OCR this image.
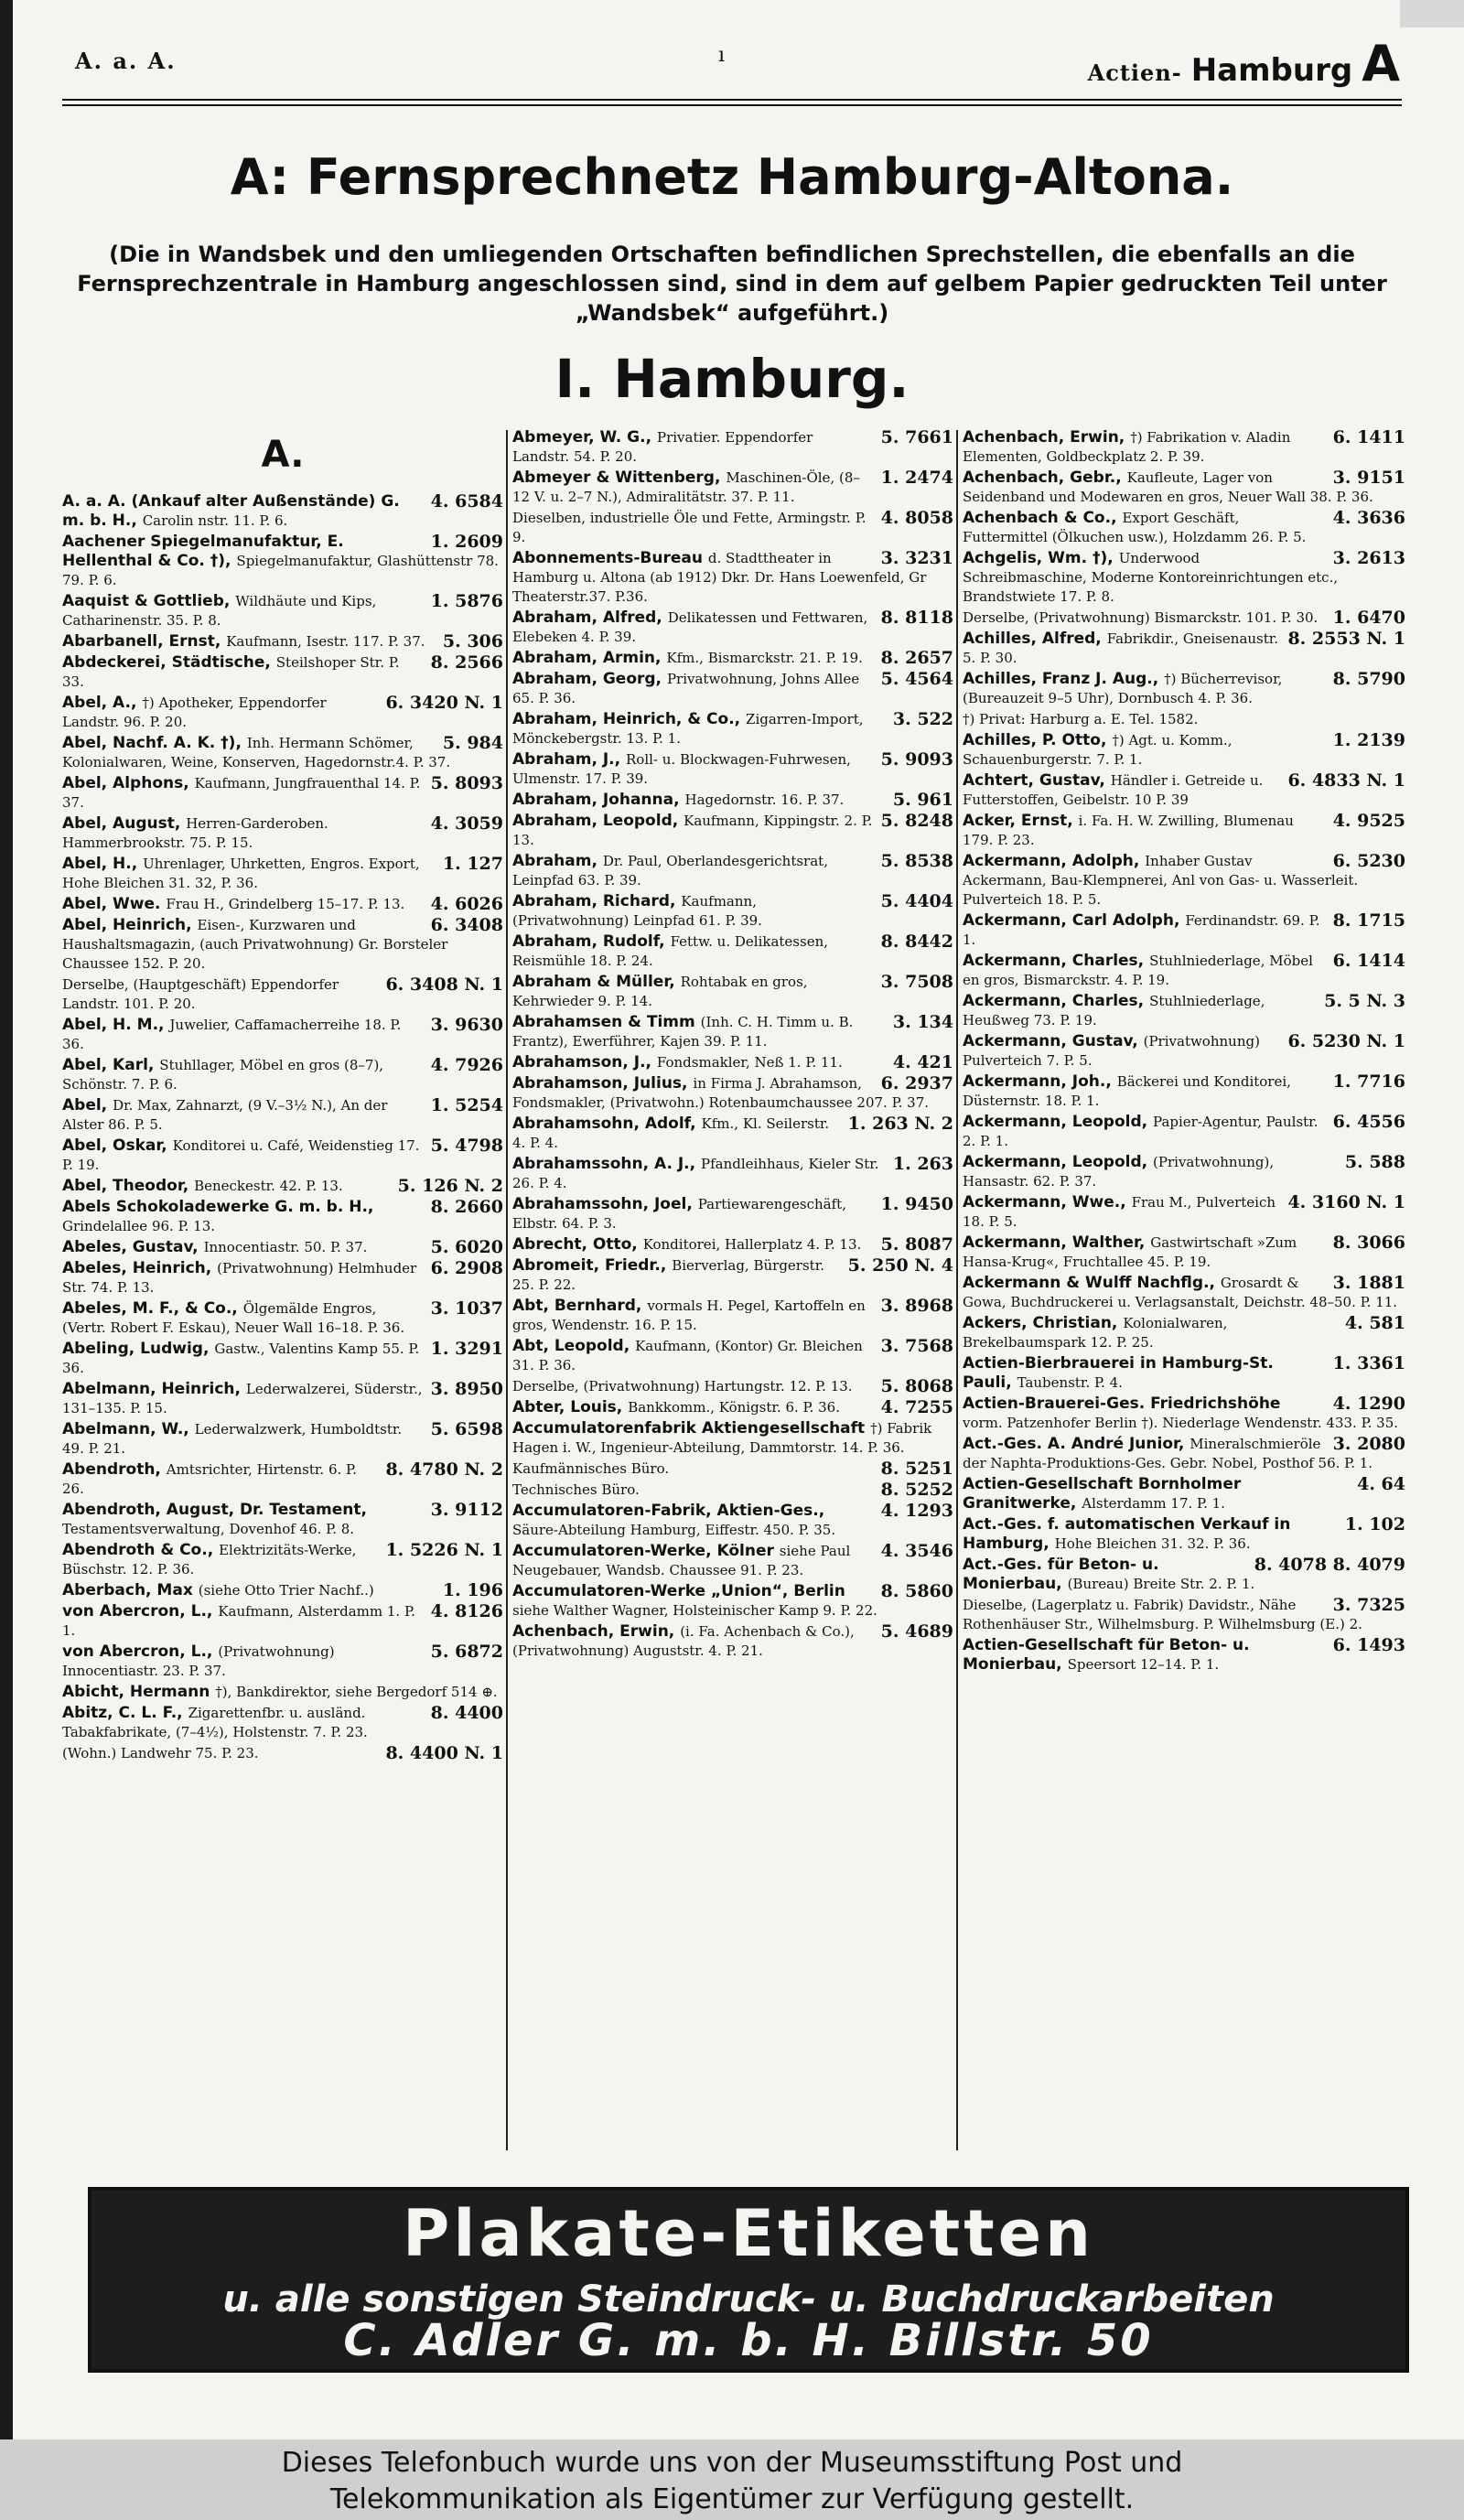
A. a. A.	ı
Actien- Hamburg A
A: Fernsprechnetz Hamburg-Altona.

(Die in Wandsbek und den umliegenden Ortschaften befindlichen Sprechstellen, die ebenfalls an die Fernsprechzentrale in Hamburg angeschlossen sind, sind in dem auf gelbem Papier gedruckten Teil unter „Wandsbek“ aufgeführt.)

I. Hamburg.
A.

4. 6584
A. a. A. (Ankauf alter Außenstände) G. m. b. H., Carolin nstr. 11. P. 6.

1. 2609
Aachener Spiegelmanufaktur, E. Hellenthal & Co. †), Spiegelmanufaktur, Glashüttenstr 78. 79. P. 6.

1. 5876
Aaquist & Gottlieb, Wildhäute und Kips, Catharinenstr. 35. P. 8.

5. 306
Abarbanell, Ernst, Kaufmann, Isestr. 117. P. 37.

8. 2566
Abdeckerei, Städtische, Steilshoper Str. P. 33.

6. 3420 N. 1
Abel, A., †) Apotheker, Eppendorfer Landstr. 96. P. 20.

5. 984
Abel, Nachf. A. K. †), Inh. Hermann Schömer, Kolonialwaren, Weine, Konserven, Hagedornstr.4. P. 37.

5. 8093
Abel, Alphons, Kaufmann, Jungfrauenthal 14. P. 37.

4. 3059
Abel, August, Herren-Garderoben. Hammerbrookstr. 75. P. 15.

1. 127
Abel, H., Uhrenlager, Uhrketten, Engros. Export, Hohe Bleichen 31. 32, P. 36.

4. 6026
Abel, Wwe. Frau H., Grindelberg 15–17. P. 13.

6. 3408
Abel, Heinrich, Eisen-, Kurzwaren und Haushaltsmagazin, (auch Privatwohnung) Gr. Borsteler Chaussee 152. P. 20.

6. 3408 N. 1
Derselbe, (Hauptgeschäft) Eppendorfer Landstr. 101. P. 20.

3. 9630
Abel, H. M., Juwelier, Caffamacherreihe 18. P. 36.

4. 7926
Abel, Karl, Stuhllager, Möbel en gros (8–7), Schönstr. 7. P. 6.

1. 5254
Abel, Dr. Max, Zahnarzt, (9 V.–3½ N.), An der Alster 86. P. 5.

5. 4798
Abel, Oskar, Konditorei u. Café, Weidenstieg 17. P. 19.

5. 126 N. 2
Abel, Theodor, Beneckestr. 42. P. 13.

8. 2660
Abels Schokoladewerke G. m. b. H., Grindelallee 96. P. 13.

5. 6020
Abeles, Gustav, Innocentiastr. 50. P. 37.

6. 2908
Abeles, Heinrich, (Privatwohnung) Helmhuder Str. 74. P. 13.

3. 1037
Abeles, M. F., & Co., Ölgemälde Engros, (Vertr. Robert F. Eskau), Neuer Wall 16–18. P. 36.

1. 3291
Abeling, Ludwig, Gastw., Valentins Kamp 55. P. 36.

3. 8950
Abelmann, Heinrich, Lederwalzerei, Süderstr., 131–135. P. 15.

5. 6598
Abelmann, W., Lederwalzwerk, Humboldtstr. 49. P. 21.

8. 4780 N. 2
Abendroth, Amtsrichter, Hirtenstr. 6. P. 26.

3. 9112
Abendroth, August, Dr. Testament, Testamentsverwaltung, Dovenhof 46. P. 8.

1. 5226 N. 1
Abendroth & Co., Elektrizitäts-Werke, Büschstr. 12. P. 36.

1. 196
Aberbach, Max (siehe Otto Trier Nachf..)

4. 8126
von Abercron, L., Kaufmann, Alsterdamm 1. P. 1.

5. 6872
von Abercron, L., (Privatwohnung) Innocentiastr. 23. P. 37.

Abicht, Hermann †), Bankdirektor, siehe Bergedorf 514 ⊕.

8. 4400
Abitz, C. L. F., Zigarettenfbr. u. ausländ. Tabakfabrikate, (7–4½), Holstenstr. 7. P. 23.

8. 4400 N. 1
(Wohn.) Landwehr 75. P. 23.

5. 7661
Abmeyer, W. G., Privatier. Eppendorfer Landstr. 54. P. 20.

1. 2474
Abmeyer & Wittenberg, Maschinen-Öle, (8–12 V. u. 2–7 N.), Admiralitätstr. 37. P. 11.

4. 8058
Dieselben, industrielle Öle und Fette, Armingstr. P. 9.

3. 3231
Abonnements-Bureau d. Stadttheater in Hamburg u. Altona (ab 1912) Dkr. Dr. Hans Loewenfeld, Gr Theaterstr.37. P.36.

8. 8118
Abraham, Alfred, Delikatessen und Fettwaren, Elebeken 4. P. 39.

8. 2657
Abraham, Armin, Kfm., Bismarckstr. 21. P. 19.

5. 4564
Abraham, Georg, Privatwohnung, Johns Allee 65. P. 36.

3. 522
Abraham, Heinrich, & Co., Zigarren-Import, Mönckebergstr. 13. P. 1.

5. 9093
Abraham, J., Roll- u. Blockwagen-Fuhrwesen, Ulmenstr. 17. P. 39.

5. 961
Abraham, Johanna, Hagedornstr. 16. P. 37.

5. 8248
Abraham, Leopold, Kaufmann, Kippingstr. 2. P. 13.

5. 8538
Abraham, Dr. Paul, Oberlandesgerichtsrat, Leinpfad 63. P. 39.

5. 4404
Abraham, Richard, Kaufmann, (Privatwohnung) Leinpfad 61. P. 39.

8. 8442
Abraham, Rudolf, Fettw. u. Delikatessen, Reismühle 18. P. 24.

3. 7508
Abraham & Müller, Rohtabak en gros, Kehrwieder 9. P. 14.

3. 134
Abrahamsen & Timm (Inh. C. H. Timm u. B. Frantz), Ewerführer, Kajen 39. P. 11.

4. 421
Abrahamson, J., Fondsmakler, Neß 1. P. 11.

6. 2937
Abrahamson, Julius, in Firma J. Abrahamson, Fondsmakler, (Privatwohn.) Rotenbaumchaussee 207. P. 37.

1. 263 N. 2
Abrahamsohn, Adolf, Kfm., Kl. Seilerstr. 4. P. 4.

1. 263
Abrahamssohn, A. J., Pfandleihhaus, Kieler Str. 26. P. 4.

1. 9450
Abrahamssohn, Joel, Partiewarengeschäft, Elbstr. 64. P. 3.

5. 8087
Abrecht, Otto, Konditorei, Hallerplatz 4. P. 13.

5. 250 N. 4
Abromeit, Friedr., Bierverlag, Bürgerstr. 25. P. 22.

3. 8968
Abt, Bernhard, vormals H. Pegel, Kartoffeln en gros, Wendenstr. 16. P. 15.

3. 7568
Abt, Leopold, Kaufmann, (Kontor) Gr. Bleichen 31. P. 36.

5. 8068
Derselbe, (Privatwohnung) Hartungstr. 12. P. 13.

4. 7255
Abter, Louis, Bankkomm., Königstr. 6. P. 36.

Accumulatorenfabrik Aktiengesellschaft †) Fabrik Hagen i. W., Ingenieur-Abteilung, Dammtorstr. 14. P. 36.

8. 5251
Kaufmännisches Büro.

8. 5252
Technisches Büro.

4. 1293
Accumulatoren-Fabrik, Aktien-Ges., Säure-Abteilung Hamburg, Eiffestr. 450. P. 35.

4. 3546
Accumulatoren-Werke, Kölner siehe Paul Neugebauer, Wandsb. Chaussee 91. P. 23.

8. 5860
Accumulatoren-Werke „Union“, Berlin siehe Walther Wagner, Holsteinischer Kamp 9. P. 22.

5. 4689
Achenbach, Erwin, (i. Fa. Achenbach & Co.), (Privatwohnung) Auguststr. 4. P. 21.

6. 1411
Achenbach, Erwin, †) Fabrikation v. Aladin Elementen, Goldbeckplatz 2. P. 39.

3. 9151
Achenbach, Gebr., Kaufleute, Lager von Seidenband und Modewaren en gros, Neuer Wall 38. P. 36.

4. 3636
Achenbach & Co., Export Geschäft, Futtermittel (Ölkuchen usw.), Holzdamm 26. P. 5.

3. 2613
Achgelis, Wm. †), Underwood Schreibmaschine, Moderne Kontoreinrichtungen etc., Brandstwiete 17. P. 8.

1. 6470
Derselbe, (Privatwohnung) Bismarckstr. 101. P. 30.

8. 2553 N. 1
Achilles, Alfred, Fabrikdir., Gneisenaustr. 5. P. 30.

8. 5790
Achilles, Franz J. Aug., †) Bücherrevisor, (Bureauzeit 9–5 Uhr), Dornbusch 4. P. 36.

†) Privat: Harburg a. E. Tel. 1582.

1. 2139
Achilles, P. Otto, †) Agt. u. Komm., Schauenburgerstr. 7. P. 1.

6. 4833 N. 1
Achtert, Gustav, Händler i. Getreide u. Futterstoffen, Geibelstr. 10 P. 39

4. 9525
Acker, Ernst, i. Fa. H. W. Zwilling, Blumenau 179. P. 23.

6. 5230
Ackermann, Adolph, Inhaber Gustav Ackermann, Bau-Klempnerei, Anl von Gas- u. Wasserleit. Pulverteich 18. P. 5.

8. 1715
Ackermann, Carl Adolph, Ferdinandstr. 69. P. 1.

6. 1414
Ackermann, Charles, Stuhlniederlage, Möbel en gros, Bismarckstr. 4. P. 19.

5. 5 N. 3
Ackermann, Charles, Stuhlniederlage, Heußweg 73. P. 19.

6. 5230 N. 1
Ackermann, Gustav, (Privatwohnung) Pulverteich 7. P. 5.

1. 7716
Ackermann, Joh., Bäckerei und Konditorei, Düsternstr. 18. P. 1.

6. 4556
Ackermann, Leopold, Papier-Agentur, Paulstr. 2. P. 1.

5. 588
Ackermann, Leopold, (Privatwohnung), Hansastr. 62. P. 37.

4. 3160 N. 1
Ackermann, Wwe., Frau M., Pulverteich 18. P. 5.

8. 3066
Ackermann, Walther, Gastwirtschaft »Zum Hansa-Krug«, Fruchtallee 45. P. 19.

3. 1881
Ackermann & Wulff Nachflg., Grosardt & Gowa, Buchdruckerei u. Verlagsanstalt, Deichstr. 48–50. P. 11.

4. 581
Ackers, Christian, Kolonialwaren, Brekelbaumspark 12. P. 25.

1. 3361
Actien-Bierbrauerei in Hamburg-St. Pauli, Taubenstr. P. 4.

4. 1290
Actien-Brauerei-Ges. Friedrichshöhe vorm. Patzenhofer Berlin †). Niederlage Wendenstr. 433. P. 35.

3. 2080
Act.-Ges. A. André Junior, Mineralschmieröle der Naphta-Produktions-Ges. Gebr. Nobel, Posthof 56. P. 1.

4. 64
Actien-Gesellschaft Bornholmer Granitwerke, Alsterdamm 17. P. 1.

1. 102
Act.-Ges. f. automatischen Verkauf in Hamburg, Hohe Bleichen 31. 32. P. 36.

8. 4078 8. 4079
Act.-Ges. für Beton- u. Monierbau, (Bureau) Breite Str. 2. P. 1.

3. 7325
Dieselbe, (Lagerplatz u. Fabrik) Davidstr., Nähe Rothenhäuser Str., Wilhelmsburg. P. Wilhelmsburg (E.) 2.

6. 1493
Actien-Gesellschaft für Beton- u. Monierbau, Speersort 12–14. P. 1.

Plakate-Etiketten
u. alle sonstigen Steindruck- u. Buchdruckarbeiten
C. Adler G. m. b. H. Billstr. 50
Dieses Telefonbuch wurde uns von der Museumsstiftung Post und
Telekommunikation als Eigentümer zur Verfügung gestellt.
